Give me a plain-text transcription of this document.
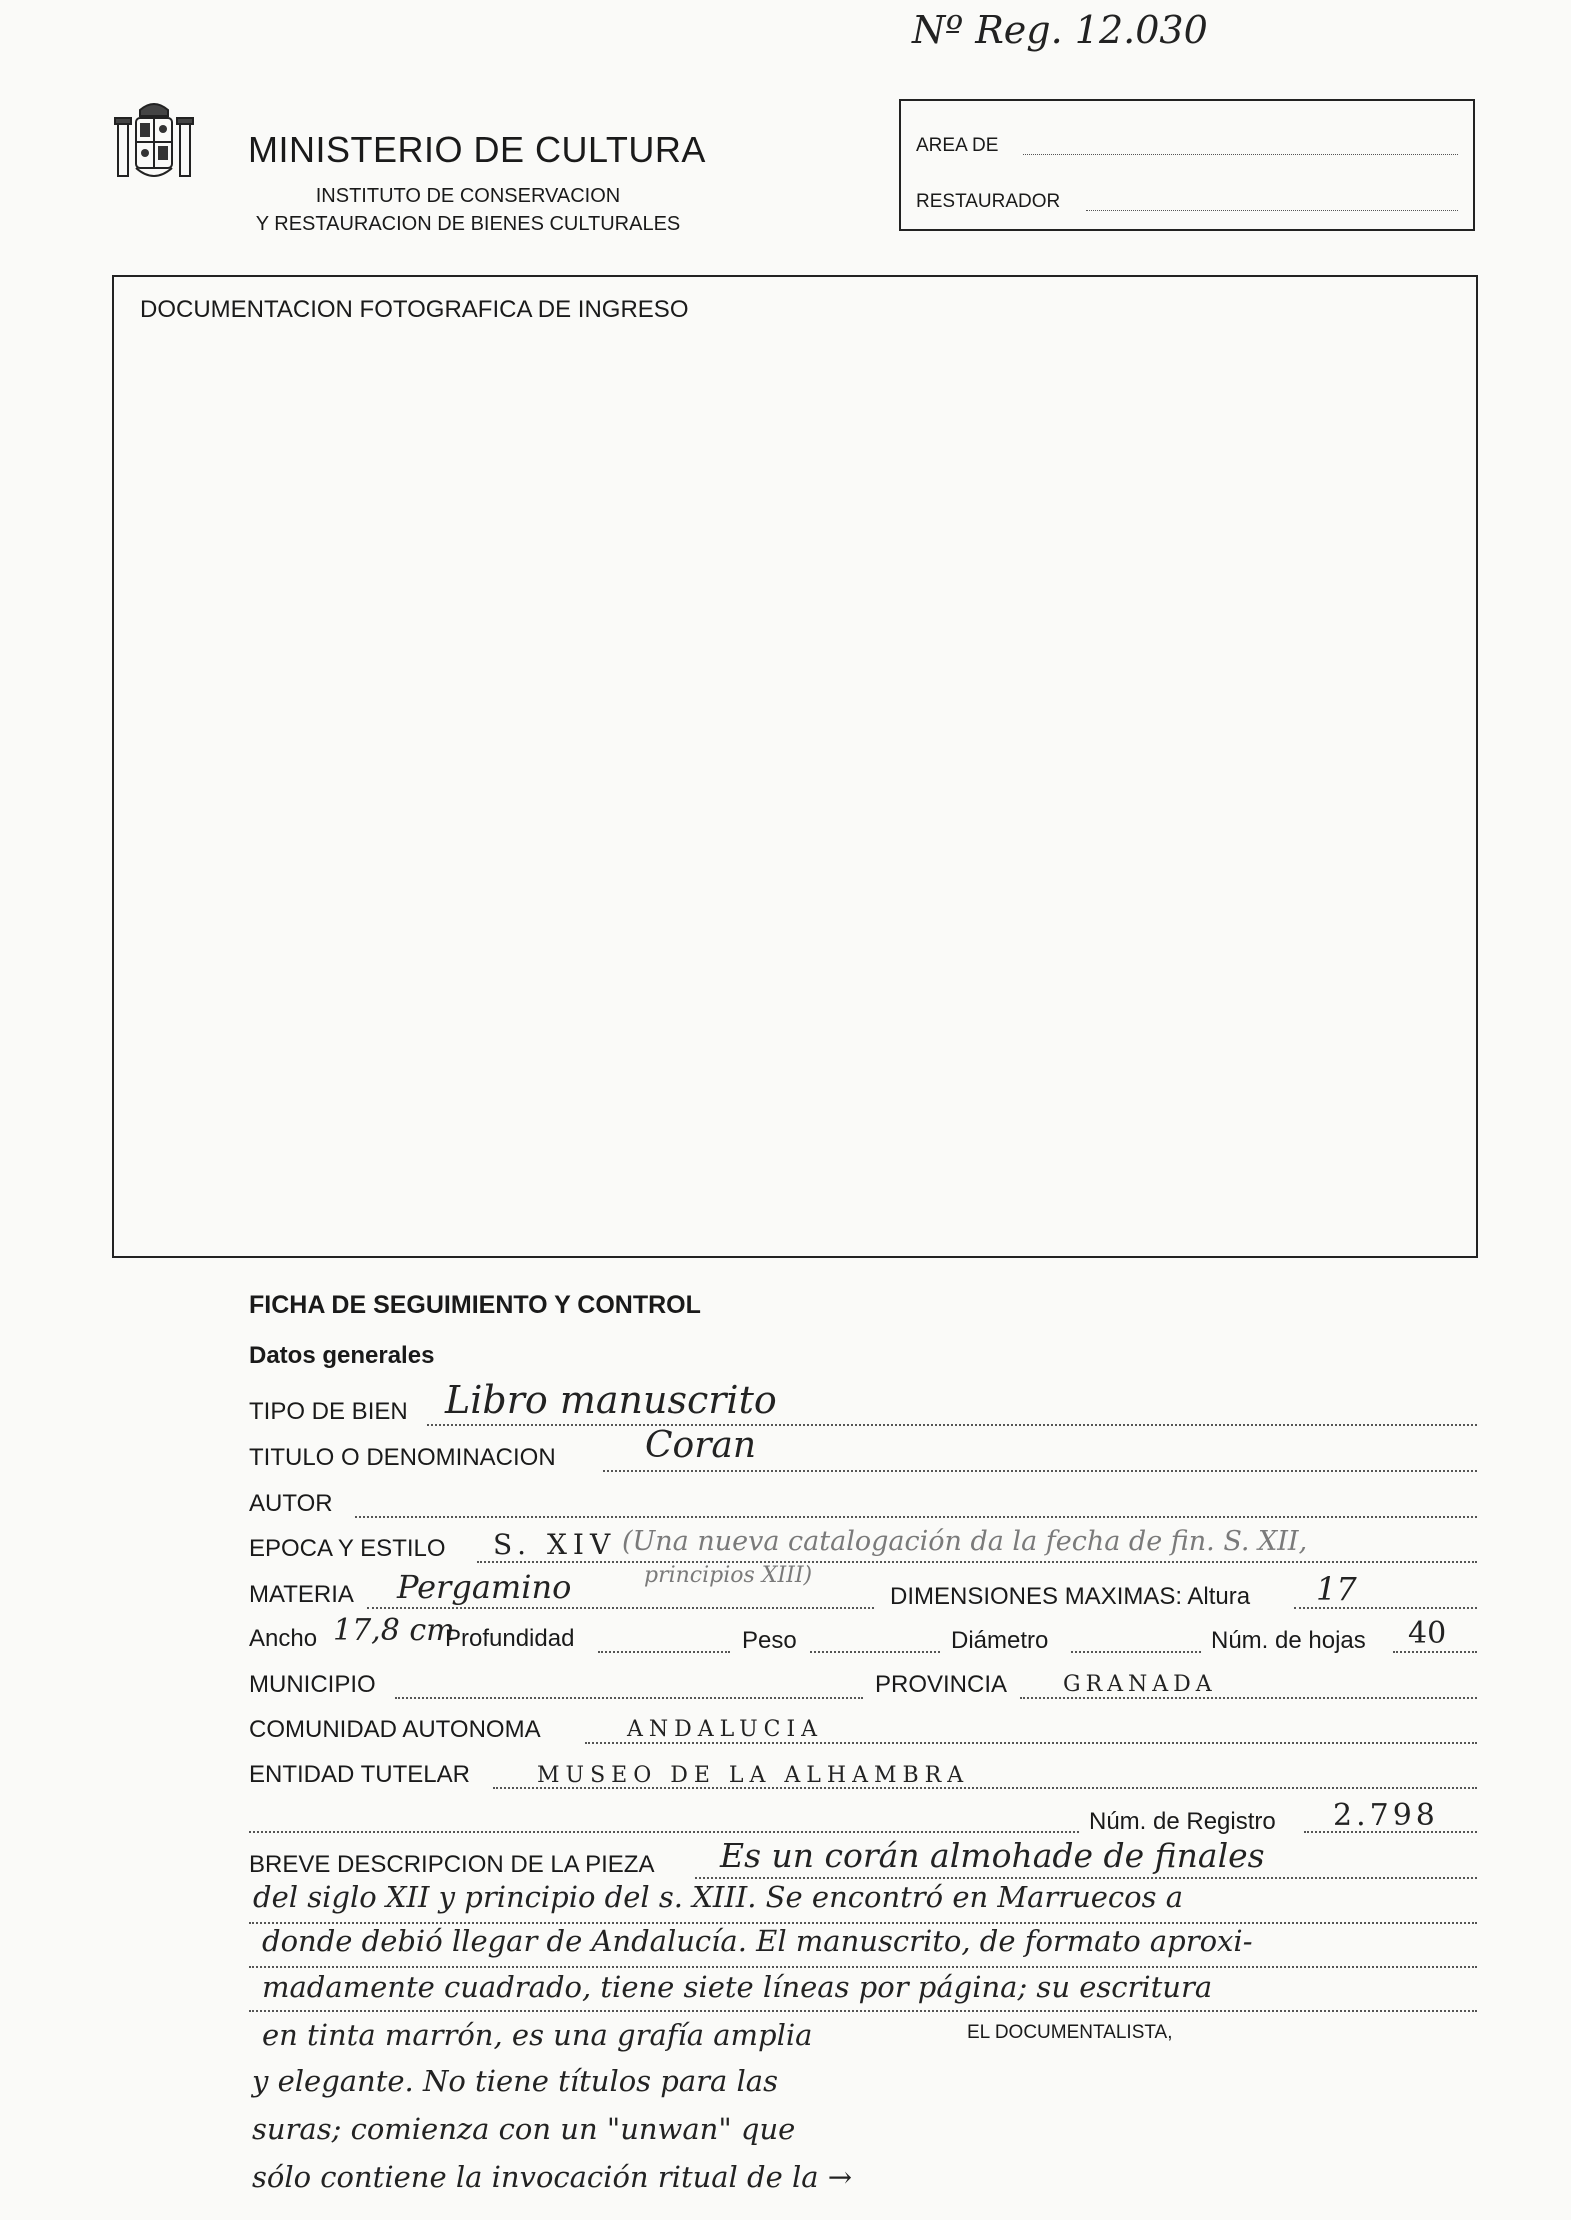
Nº Reg. 12.030
MINISTERIO DE CULTURA
INSTITUTO DE CONSERVACION
Y RESTAURACION DE BIENES CULTURALES
AREA DE
RESTAURADOR
DOCUMENTACION FOTOGRAFICA DE INGRESO
FICHA DE SEGUIMIENTO Y CONTROL
Datos generales
TIPO DE BIEN Libro manuscrito
TITULO O DENOMINACION Coran
AUTOR
EPOCA Y ESTILO S. XIV (Una nueva catalogación da la fecha de fin. S. XII,
principios XIII)
MATERIA Pergamino	DIMENSIONES MAXIMAS: Altura 17
Ancho 17,8 cm
Profundidad	Peso	Diámetro	Núm. de hojas 40
MUNICIPIO	PROVINCIA	GRANADA
COMUNIDAD AUTONOMA	ANDALUCIA
ENTIDAD TUTELAR	MUSEO DE LA ALHAMBRA
Núm. de Registro 2.798
BREVE DESCRIPCION DE LA PIEZA Es un corán almohade de finales
del siglo XII y principio del s. XIII. Se encontró en Marruecos a
donde debió llegar de Andalucía. El manuscrito, de formato aproxi-
madamente cuadrado, tiene siete líneas por página; su escritura
en tinta marrón, es una grafía amplia
y elegante. No tiene títulos para las
suras; comienza con un "unwan" que
sólo contiene la invocación ritual de la →
EL DOCUMENTALISTA,
